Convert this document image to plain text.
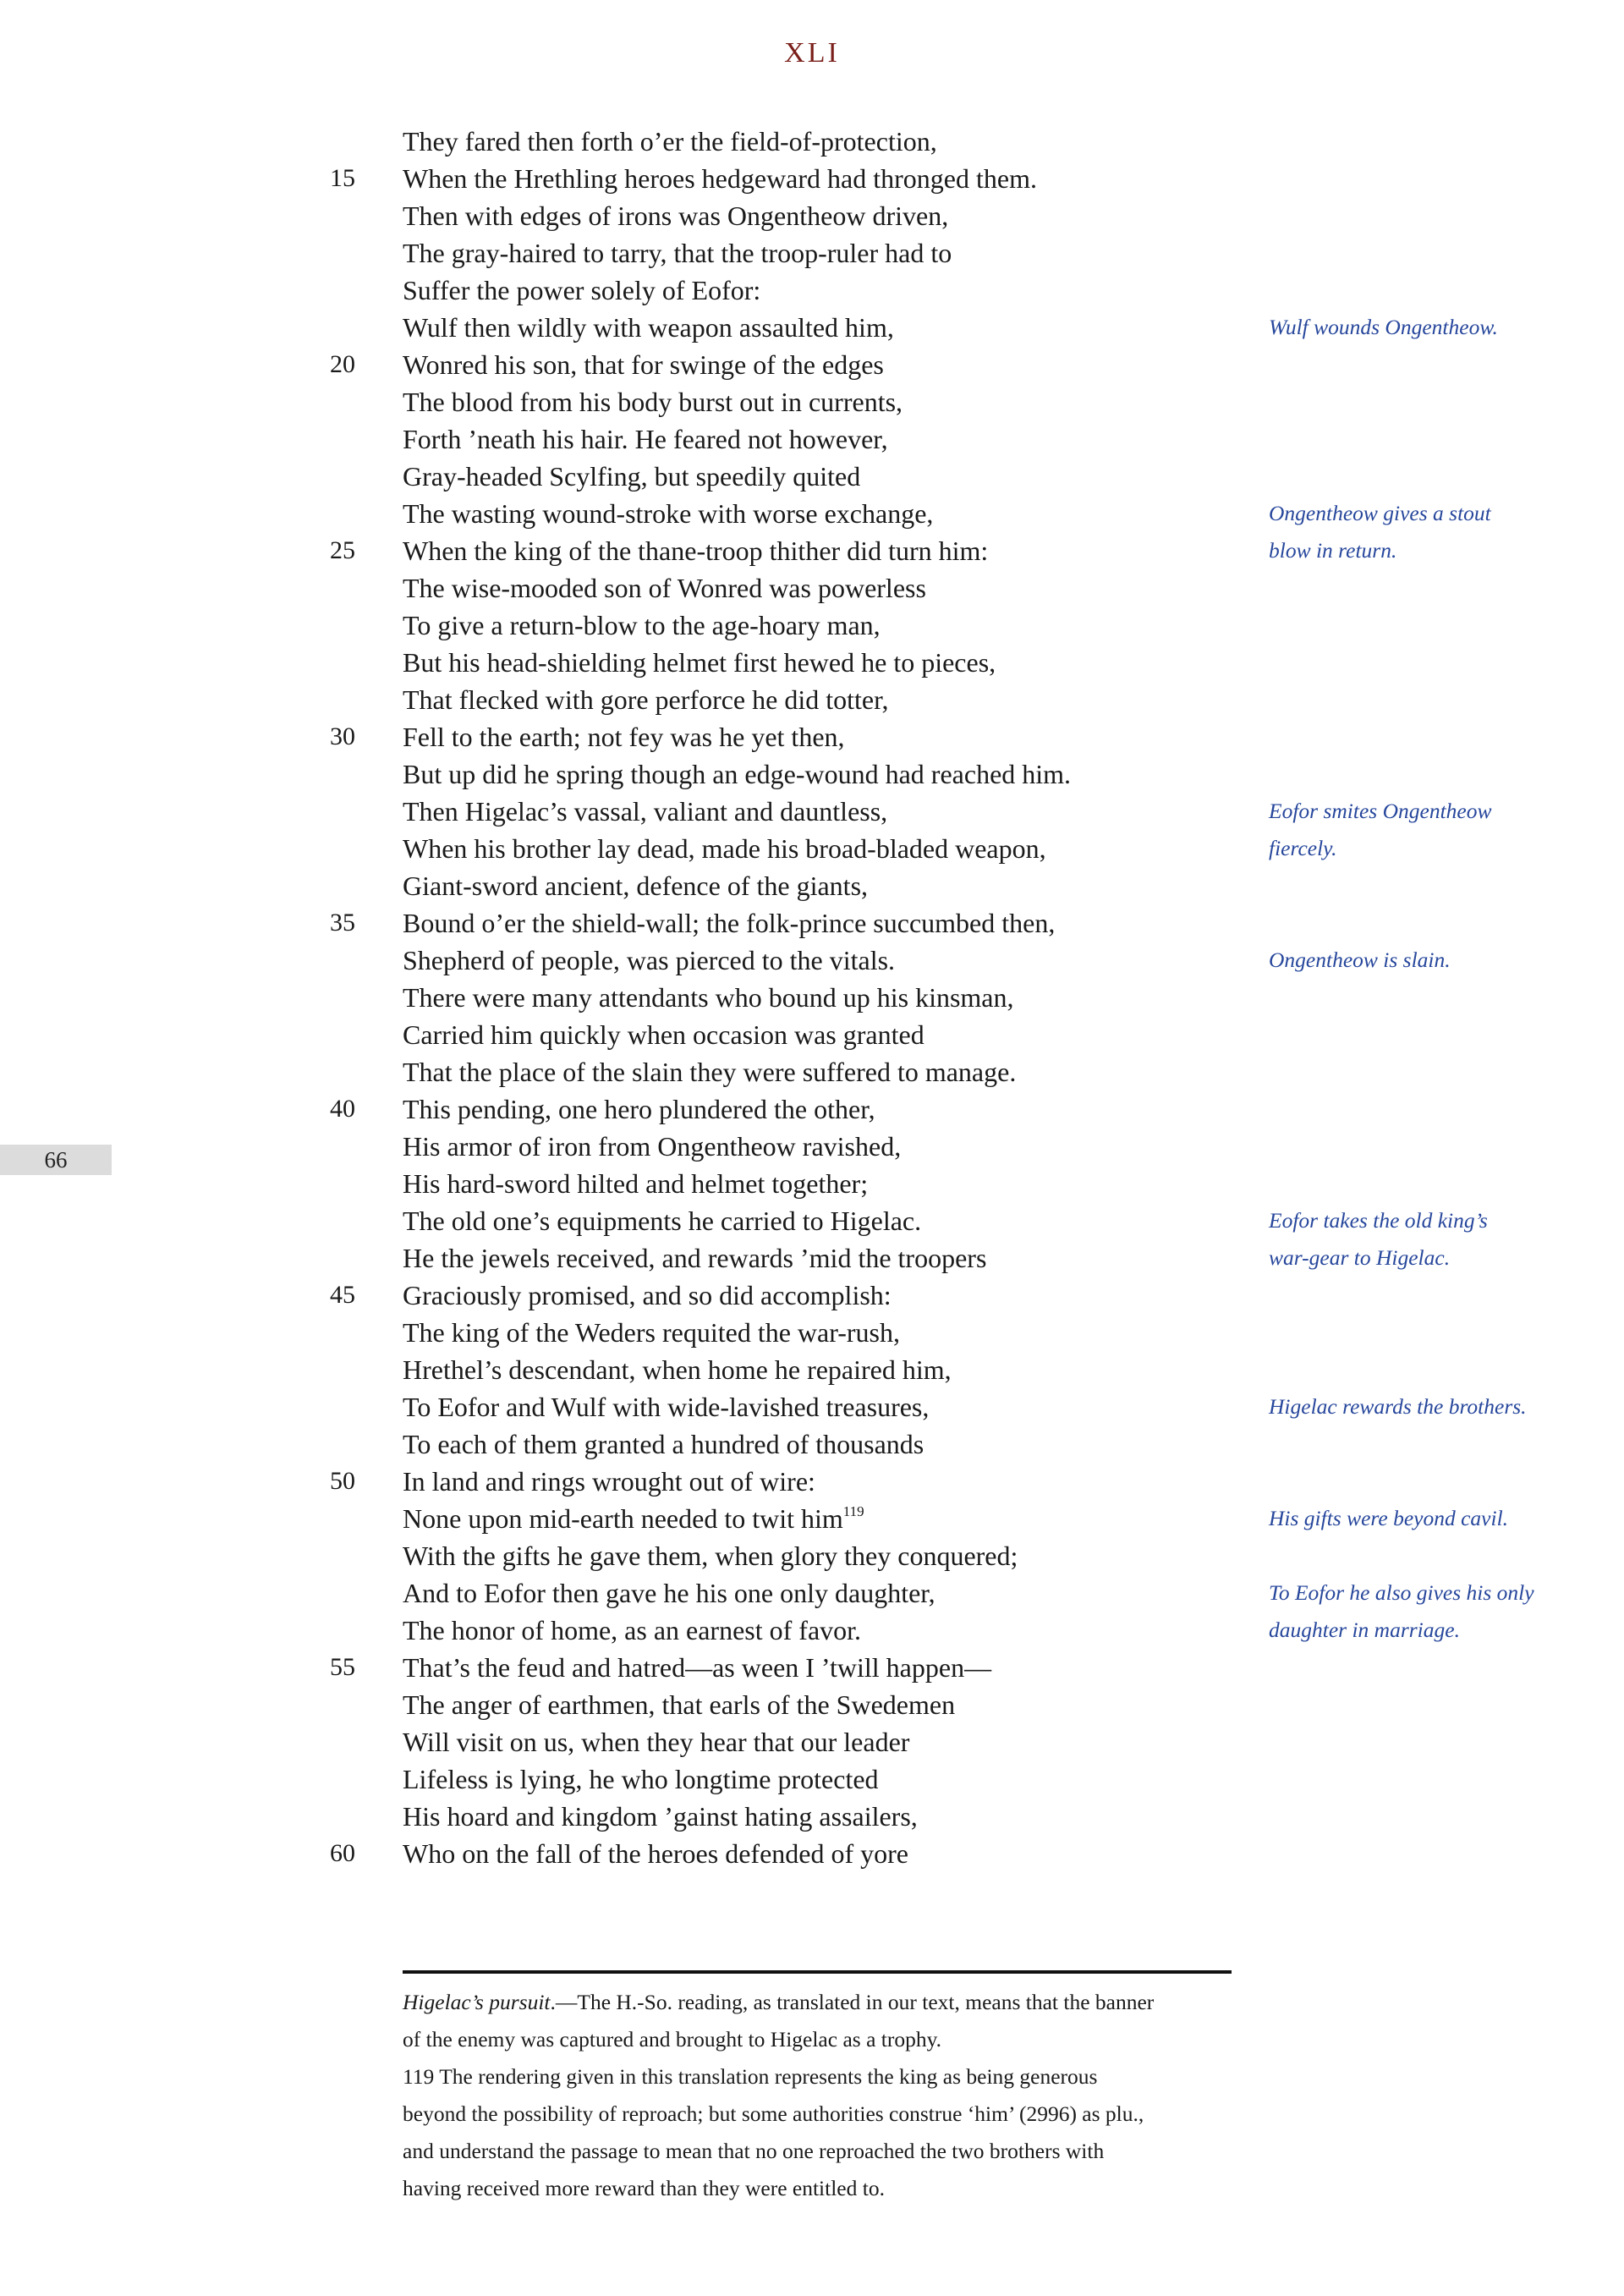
XLI
66
They fared then forth o’er the field-of-protection,
15	When the Hrethling heroes hedgeward had thronged them.
Then with edges of irons was Ongentheow driven,
The gray-haired to tarry, that the troop-ruler had to
Suffer the power solely of Eofor:
Wulf then wildly with weapon assaulted him,
20	Wonred his son, that for swinge of the edges
The blood from his body burst out in currents,
Forth ’neath his hair. He feared not however,
Gray-headed Scylfing, but speedily quited
The wasting wound-stroke with worse exchange,
25	When the king of the thane-troop thither did turn him:
The wise-mooded son of Wonred was powerless
To give a return-blow to the age-hoary man,
But his head-shielding helmet first hewed he to pieces,
That flecked with gore perforce he did totter,
30	Fell to the earth; not fey was he yet then,
But up did he spring though an edge-wound had reached him.
Then Higelac’s vassal, valiant and dauntless,
When his brother lay dead, made his broad-bladed weapon,
Giant-sword ancient, defence of the giants,
35	Bound o’er the shield-wall; the folk-prince succumbed then,
Shepherd of people, was pierced to the vitals.
There were many attendants who bound up his kinsman,
Carried him quickly when occasion was granted
That the place of the slain they were suffered to manage.
40	This pending, one hero plundered the other,
His armor of iron from Ongentheow ravished,
His hard-sword hilted and helmet together;
The old one’s equipments he carried to Higelac.
He the jewels received, and rewards ’mid the troopers
45	Graciously promised, and so did accomplish:
The king of the Weders requited the war-rush,
Hrethel’s descendant, when home he repaired him,
To Eofor and Wulf with wide-lavished treasures,
To each of them granted a hundred of thousands
50	In land and rings wrought out of wire:
None upon mid-earth needed to twit him$^{119}$
With the gifts he gave them, when glory they conquered;
And to Eofor then gave he his one only daughter,
The honor of home, as an earnest of favor.
55	That’s the feud and hatred—as ween I ’twill happen—
The anger of earthmen, that earls of the Swedemen
Will visit on us, when they hear that our leader
Lifeless is lying, he who longtime protected
His hoard and kingdom ’gainst hating assailers,
60	Who on the fall of the heroes defended of yore
Wulf wounds Ongentheow.
Ongentheow gives a stout
blow in return.
Eofor smites Ongentheow
fiercely.
Ongentheow is slain.
Eofor takes the old king’s
war-gear to Higelac.
Higelac rewards the brothers.
His gifts were beyond cavil.
To Eofor he also gives his only
daughter in marriage.
Higelac’s pursuit.—The H.-So. reading, as translated in our text, means that the banner
of the enemy was captured and brought to Higelac as a trophy.
119 The rendering given in this translation represents the king as being generous
beyond the possibility of reproach; but some authorities construe ‘him’ (2996) as plu.,
and understand the passage to mean that no one reproached the two brothers with
having received more reward than they were entitled to.
